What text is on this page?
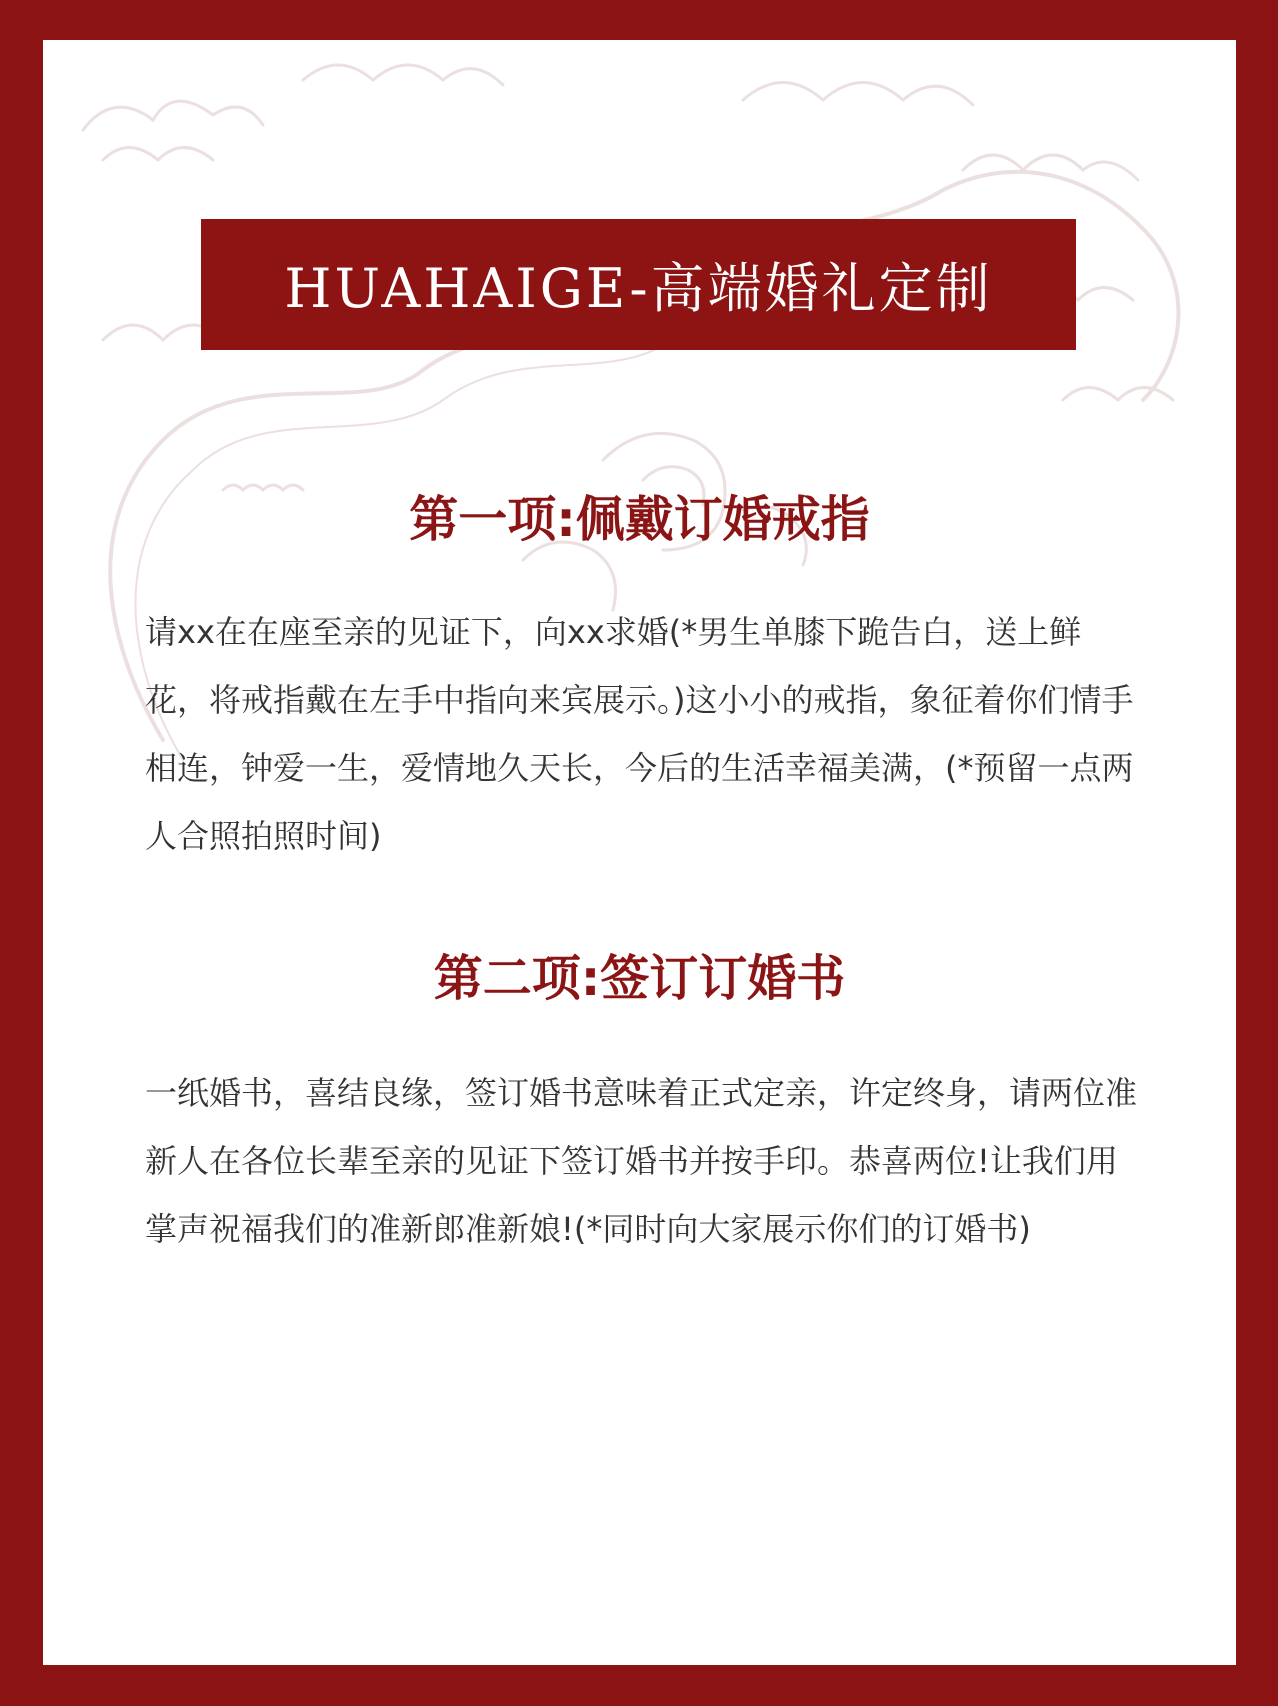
HUAHAIGE-高端婚礼定制
第一项:佩戴订婚戒指

请xx在在座至亲的见证下，向xx求婚(*男生单膝下跪告白，送上鲜花，将戒指戴在左手中指向来宾展示。)这小小的戒指，象征着你们情手相连，钟爱一生，爱情地久天长，今后的生活幸福美满，(*预留一点两人合照拍照时间)

第二项:签订订婚书

一纸婚书，喜结良缘，签订婚书意味着正式定亲，许定终身，请两位准新人在各位长辈至亲的见证下签订婚书并按手印。恭喜两位!让我们用掌声祝福我们的准新郎准新娘!(*同时向大家展示你们的订婚书)
